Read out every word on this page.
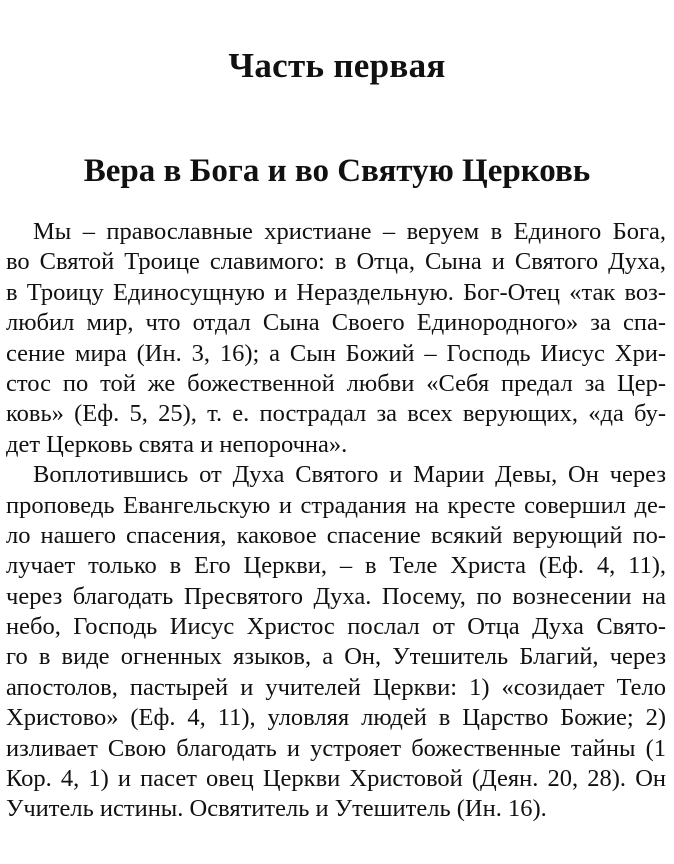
Часть первая
Вера в Бога и во Святую Церковь
Мы – православные христиане – веруем в Единого Бога,
во Святой Троице славимого: в Отца, Сына и Святого Духа,
в Троицу Единосущную и Нераздельную. Бог-Отец «так воз-
любил мир, что отдал Сына Своего Единородного» за спа-
сение мира (Ин. 3, 16); а Сын Божий – Господь Иисус Хри-
стос по той же божественной любви «Себя предал за Цер-
ковь» (Еф. 5, 25), т. е. пострадал за всех верующих, «да бу-
дет Церковь свята и непорочна».
Воплотившись от Духа Святого и Марии Девы, Он через
проповедь Евангельскую и страдания на кресте совершил де-
ло нашего спасения, каковое спасение всякий верующий по-
лучает только в Его Церкви, – в Теле Христа (Еф. 4, 11),
через благодать Пресвятого Духа. Посему, по вознесении на
небо, Господь Иисус Христос послал от Отца Духа Свято-
го в виде огненных языков, а Он, Утешитель Благий, через
апостолов, пастырей и учителей Церкви: 1) «созидает Тело
Христово» (Еф. 4, 11), уловляя людей в Царство Божие; 2)
изливает Свою благодать и устрояет божественные тайны (1
Кор. 4, 1) и пасет овец Церкви Христовой (Деян. 20, 28). Он
Учитель истины. Освятитель и Утешитель (Ин. 16).
